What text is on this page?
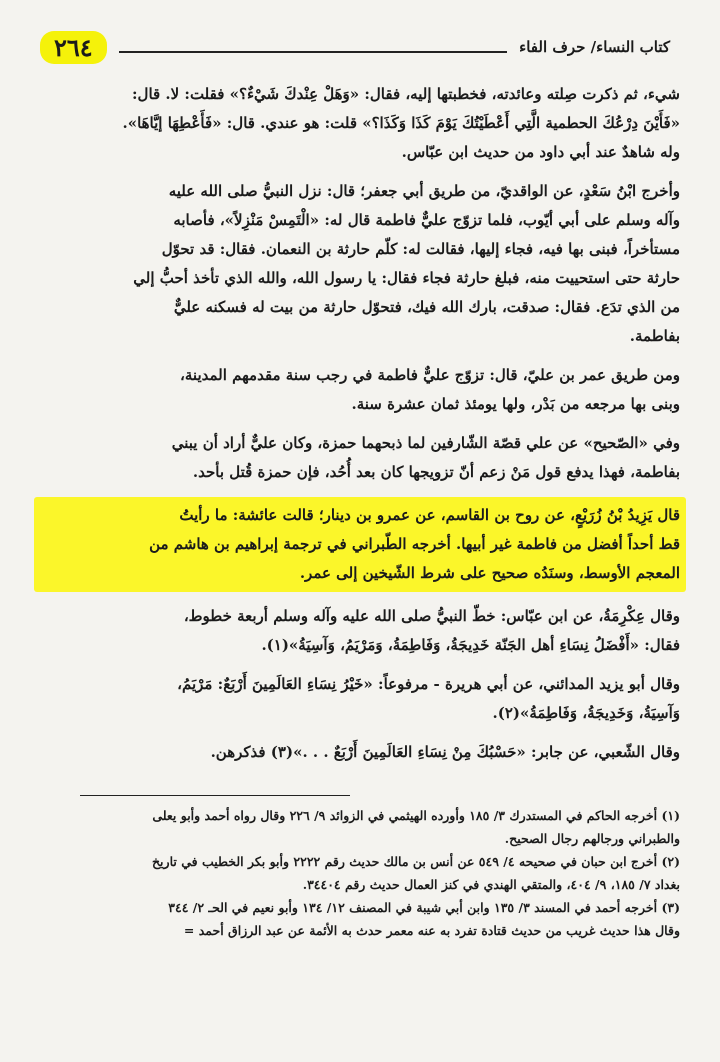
كتاب النساء/ حرف الفاء
٢٦٤
شيء، ثم ذكرت صِلته وعائدته، فخطبتها إليه، فقال: «وَهَلْ عِنْدكَ شَيْءٌ؟» فقلت: لا. قال:
«فَأَيْنَ دِرْعُكَ الحطمية الَّتِي أَعْطَيْتُكَ يَوْمَ كَذَا وَكَذَا؟» قلت: هو عندي. قال: «فَأَعْطِهَا إيَّاهَا».
وله شاهدٌ عند أبي داود من حديث ابن عبّاس.
وأخرج ابْنُ سَعْدٍ، عن الواقديّ، من طريق أبي جعفر؛ قال: نزل النبيُّ صلى الله عليه
وآله وسلم على أبي أيّوب، فلما تزوّج عليٌّ فاطمة قال له: «الْتَمِسْ مَنْزِلاً»، فأصابه
مستأخراً، فبنى بها فيه، فجاء إليها، فقالت له: كلّم حارثة بن النعمان. فقال: قد تحوّل
حارثة حتى استحييت منه، فبلغ حارثة فجاء فقال: يا رسول الله، والله الذي تأخذ أحبُّ إلي
من الذي تدَع. فقال: صدقت، بارك الله فيك، فتحوّل حارثة من بيت له فسكنه عليٌّ
بفاطمة.
ومن طريق عمر بن عليّ، قال: تزوّج عليٌّ فاطمة في رجب سنة مقدمهم المدينة،
وبنى بها مرجعه من بَدْر، ولها يومئذ ثمان عشرة سنة.
وفي «الصّحيح» عن علي قصّة الشّارفين لما ذبحهما حمزة، وكان عليٌّ أراد أن يبني
بفاطمة، فهذا يدفع قول مَنْ زعم أنّ تزويجها كان بعد أُحُد، فإن حمزة قُتل بأحد.
قال يَزِيدُ بْنُ زُرَيْعٍ، عن روح بن القاسم، عن عمرو بن دينار؛ قالت عائشة: ما رأيتُ
قط أحداً أفضل من فاطمة غير أبيها. أخرجه الطّبراني في ترجمة إبراهيم بن هاشم من
المعجم الأوسط، وسنَدُه صحيح على شرط الشّيخين إلى عمر.
وقال عِكْرِمَةُ، عن ابن عبّاس: خطّ النبيُّ صلى الله عليه وآله وسلم أربعة خطوط،
فقال: «أَفْضَلُ نِسَاءِ أهل الجَنّة خَدِيجَةُ، وَفَاطِمَةُ، وَمَرْيَمُ، وَآسِيَةُ»(١).
وقال أبو يزيد المدائني، عن أبي هريرة - مرفوعاً: «خَيْرُ نِسَاءِ العَالَمِينَ أَرْبَعٌ: مَرْيَمُ،
وَآسِيَةُ، وَخَدِيجَةُ، وَفَاطِمَةُ»(٢).
وقال الشّعبي، عن جابر: «حَسْبُكَ مِنْ نِسَاءِ العَالَمِينَ أَرْبَعٌ . . .»(٣) فذكرهن.
(١) أخرجه الحاكم في المستدرك ٣/ ١٨٥ وأورده الهيثمي في الزوائد ٩/ ٢٢٦ وقال رواه أحمد وأبو يعلى
والطبراني ورجالهم رجال الصحيح.
(٢) أخرج ابن حبان في صحيحه ٤/ ٥٤٩ عن أنس بن مالك حديث رقم ٢٢٢٢ وأبو بكر الخطيب في تاريخ
بغداد ٧/ ١٨٥، ٩/ ٤٠٤، والمتقي الهندي في كنز العمال حديث رقم ٣٤٤٠٤.
(٣) أخرجه أحمد في المسند ٣/ ١٣٥ وابن أبي شيبة في المصنف ١٢/ ١٣٤ وأبو نعيم في الحـ ٢/ ٣٤٤
وقال هذا حديث غريب من حديث قتادة تفرد به عنه معمر حدث به الأئمة عن عبد الرزاق أحمد =
